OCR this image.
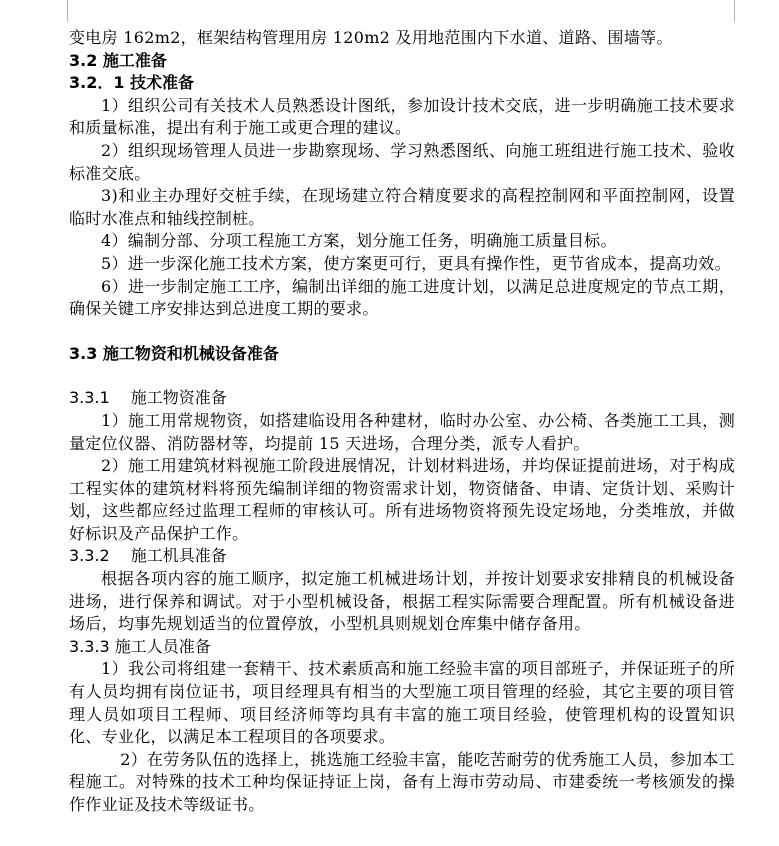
变电房 162m2，框架结构管理用房 120m2 及用地范围内下水道、道路、围墙等。

3.2 施工准备
3.2．1 技术准备

1）组织公司有关技术人员熟悉设计图纸，参加设计技术交底，进一步明确施工技术要求和质量标准，提出有利于施工或更合理的建议。

2）组织现场管理人员进一步勘察现场、学习熟悉图纸、向施工班组进行施工技术、验收标准交底。

3)和业主办理好交桩手续，在现场建立符合精度要求的高程控制网和平面控制网，设置临时水准点和轴线控制桩。

4）编制分部、分项工程施工方案，划分施工任务，明确施工质量目标。

5）进一步深化施工技术方案，使方案更可行，更具有操作性，更节省成本，提高功效。

6）进一步制定施工工序，编制出详细的施工进度计划，以满足总进度规定的节点工期，确保关键工序安排达到总进度工期的要求。

3.3 施工物资和机械设备准备
3.3.1　 施工物资准备

1）施工用常规物资，如搭建临设用各种建材，临时办公室、办公椅、各类施工工具，测量定位仪器、消防器材等，均提前 15 天进场，合理分类，派专人看护。

2）施工用建筑材料视施工阶段进展情况，计划材料进场，并均保证提前进场，对于构成工程实体的建筑材料将预先编制详细的物资需求计划，物资储备、申请、定货计划、采购计划，这些都应经过监理工程师的审核认可。所有进场物资将预先设定场地，分类堆放，并做好标识及产品保护工作。

3.3.2　 施工机具准备

根据各项内容的施工顺序，拟定施工机械进场计划，并按计划要求安排精良的机械设备进场，进行保养和调试。对于小型机械设备，根据工程实际需要合理配置。所有机械设备进场后，均事先规划适当的位置停放，小型机具则规划仓库集中储存备用。

3.3.3 施工人员准备

1）我公司将组建一套精干、技术素质高和施工经验丰富的项目部班子，并保证班子的所有人员均拥有岗位证书，项目经理具有相当的大型施工项目管理的经验，其它主要的项目管理人员如项目工程师、项目经济师等均具有丰富的施工项目经验，使管理机构的设置知识化、专业化，以满足本工程项目的各项要求。

2）在劳务队伍的选择上，挑选施工经验丰富，能吃苦耐劳的优秀施工人员，参加本工程施工。对特殊的技术工种均保证持证上岗，备有上海市劳动局、市建委统一考核颁发的操作作业证及技术等级证书。
